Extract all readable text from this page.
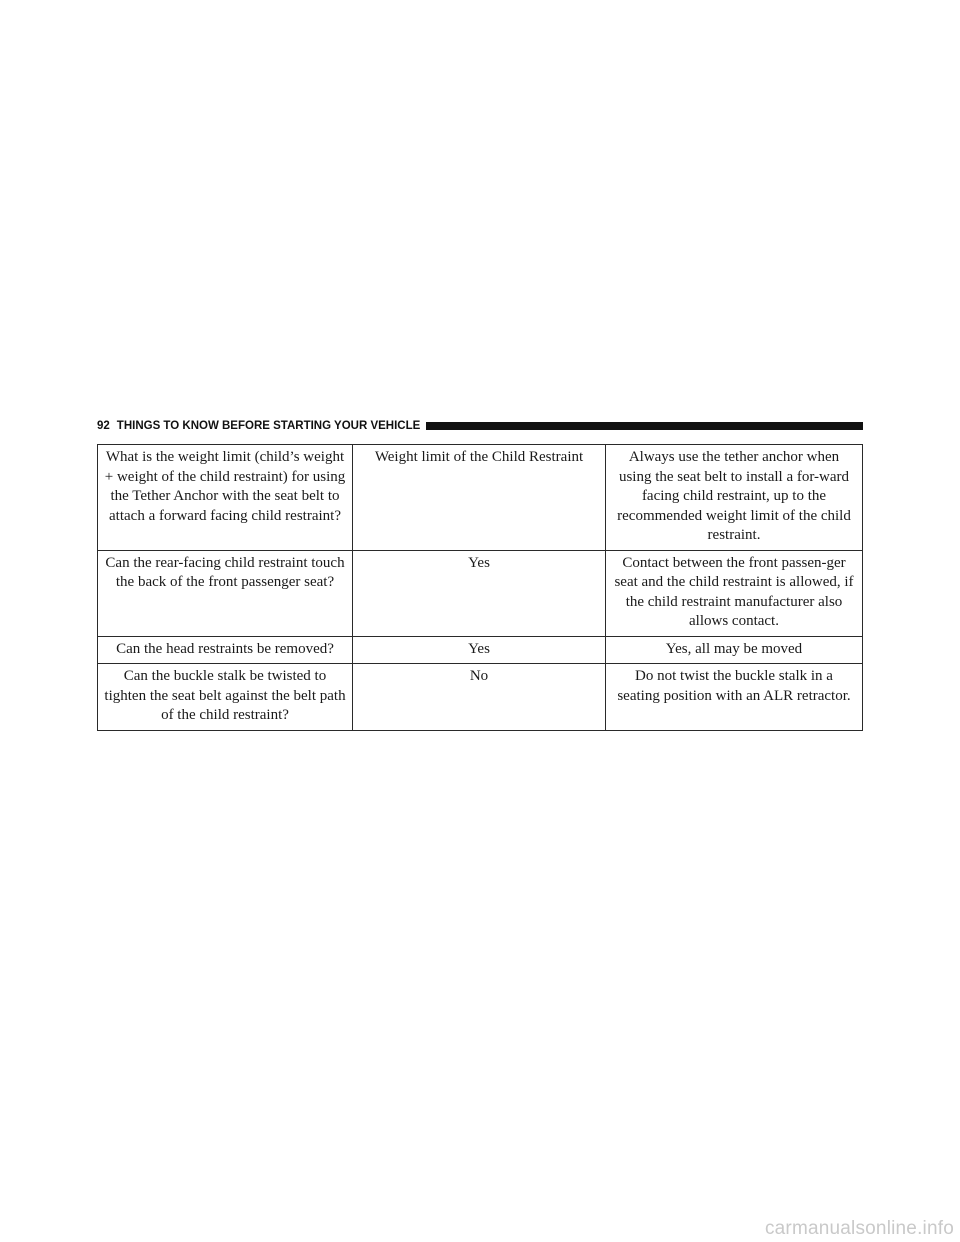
92 THINGS TO KNOW BEFORE STARTING YOUR VEHICLE
What is the weight limit (child’s weight + weight of the child restraint) for using the Tether Anchor with the seat belt to attach a forward facing child restraint?	Weight limit of the Child Restraint	Always use the tether anchor when using the seat belt to install a for-ward facing child restraint, up to the recommended weight limit of the child restraint.
Can the rear-facing child restraint touch the back of the front passenger seat?	Yes	Contact between the front passen-ger seat and the child restraint is allowed, if the child restraint manufacturer also allows contact.
Can the head restraints be removed?	Yes	Yes, all may be moved
Can the buckle stalk be twisted to tighten the seat belt against the belt path of the child restraint?	No	Do not twist the buckle stalk in a seating position with an ALR retractor.
carmanualsonline.info
